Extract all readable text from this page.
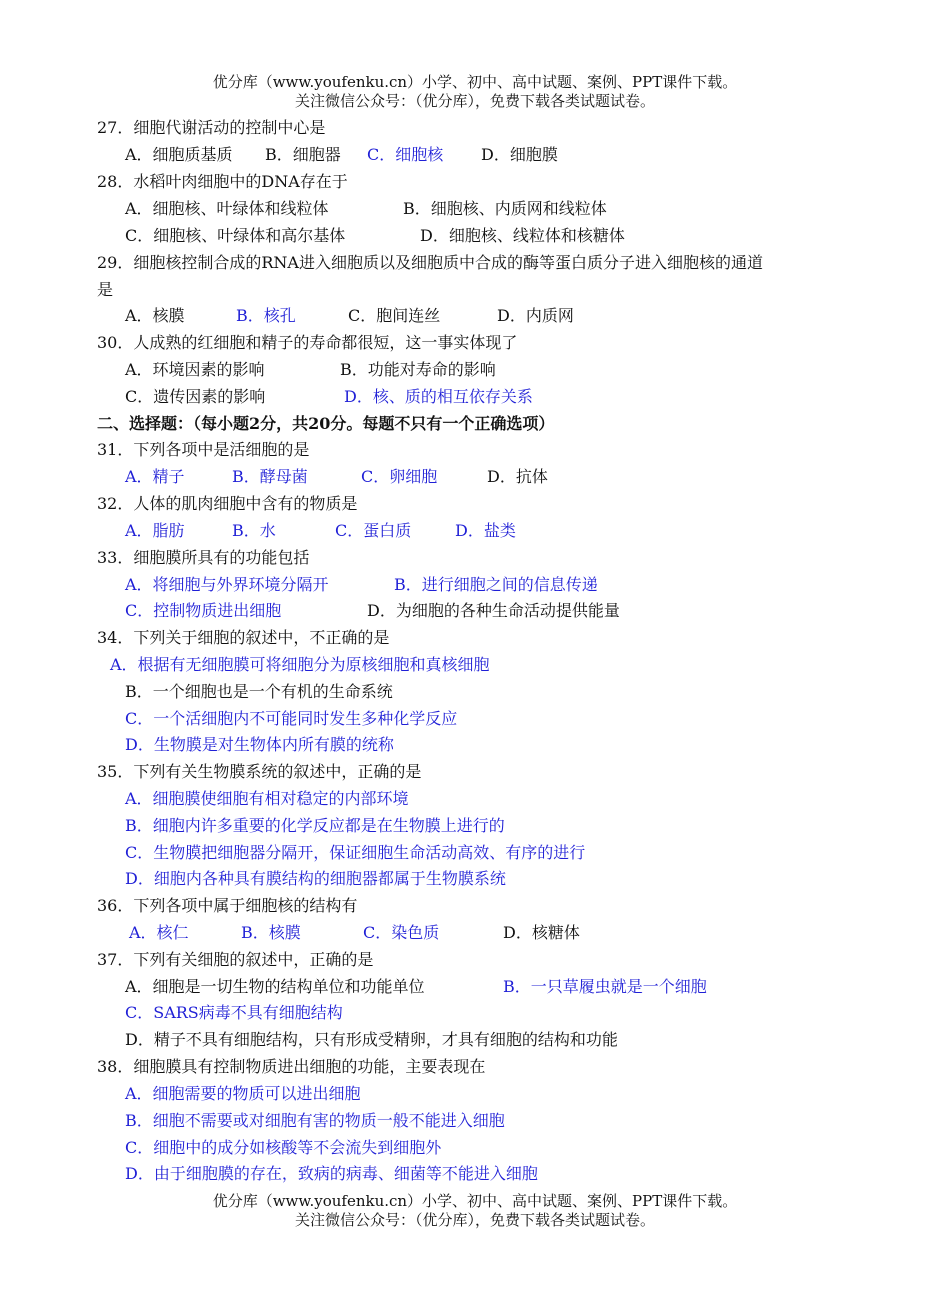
优分库（www.youfenku.cn）小学、初中、高中试题、案例、PPT课件下载。
关注微信公众号：（优分库），免费下载各类试题试卷。
27．细胞代谢活动的控制中心是
A．细胞质基质 B．细胞器 C．细胞核 D．细胞膜
28．水稻叶肉细胞中的DNA存在于
A．细胞核、叶绿体和线粒体	B．细胞核、内质网和线粒体
C．细胞核、叶绿体和高尔基体	D．细胞核、线粒体和核糖体
29．细胞核控制合成的RNA进入细胞质以及细胞质中合成的酶等蛋白质分子进入细胞核的通道
是
A．核膜	B．核孔	C．胞间连丝	D．内质网
30．人成熟的红细胞和精子的寿命都很短，这一事实体现了
A．环境因素的影响	B．功能对寿命的影响
C．遗传因素的影响	D．核、质的相互依存关系
二、选择题：（每小题2分，共20分。每题不只有一个正确选项）
31．下列各项中是活细胞的是
A．精子	B．酵母菌	C．卵细胞	D．抗体
32．人体的肌肉细胞中含有的物质是
A．脂肪	B．水	C．蛋白质	D．盐类
33．细胞膜所具有的功能包括
A．将细胞与外界环境分隔开	B．进行细胞之间的信息传递
C．控制物质进出细胞	D．为细胞的各种生命活动提供能量
34．下列关于细胞的叙述中，不正确的是
A．根据有无细胞膜可将细胞分为原核细胞和真核细胞
B．一个细胞也是一个有机的生命系统
C．一个活细胞内不可能同时发生多种化学反应
D．生物膜是对生物体内所有膜的统称
35．下列有关生物膜系统的叙述中，正确的是
A．细胞膜使细胞有相对稳定的内部环境
B．细胞内许多重要的化学反应都是在生物膜上进行的
C．生物膜把细胞器分隔开，保证细胞生命活动高效、有序的进行
D．细胞内各种具有膜结构的细胞器都属于生物膜系统
36．下列各项中属于细胞核的结构有
A．核仁	B．核膜	C．染色质	D．核糖体
37．下列有关细胞的叙述中，正确的是
A．细胞是一切生物的结构单位和功能单位	B．一只草履虫就是一个细胞
C．SARS病毒不具有细胞结构
D．精子不具有细胞结构，只有形成受精卵，才具有细胞的结构和功能
38．细胞膜具有控制物质进出细胞的功能，主要表现在
A．细胞需要的物质可以进出细胞
B．细胞不需要或对细胞有害的物质一般不能进入细胞
C．细胞中的成分如核酸等不会流失到细胞外
D．由于细胞膜的存在，致病的病毒、细菌等不能进入细胞
优分库（www.youfenku.cn）小学、初中、高中试题、案例、PPT课件下载。
关注微信公众号：（优分库），免费下载各类试题试卷。
